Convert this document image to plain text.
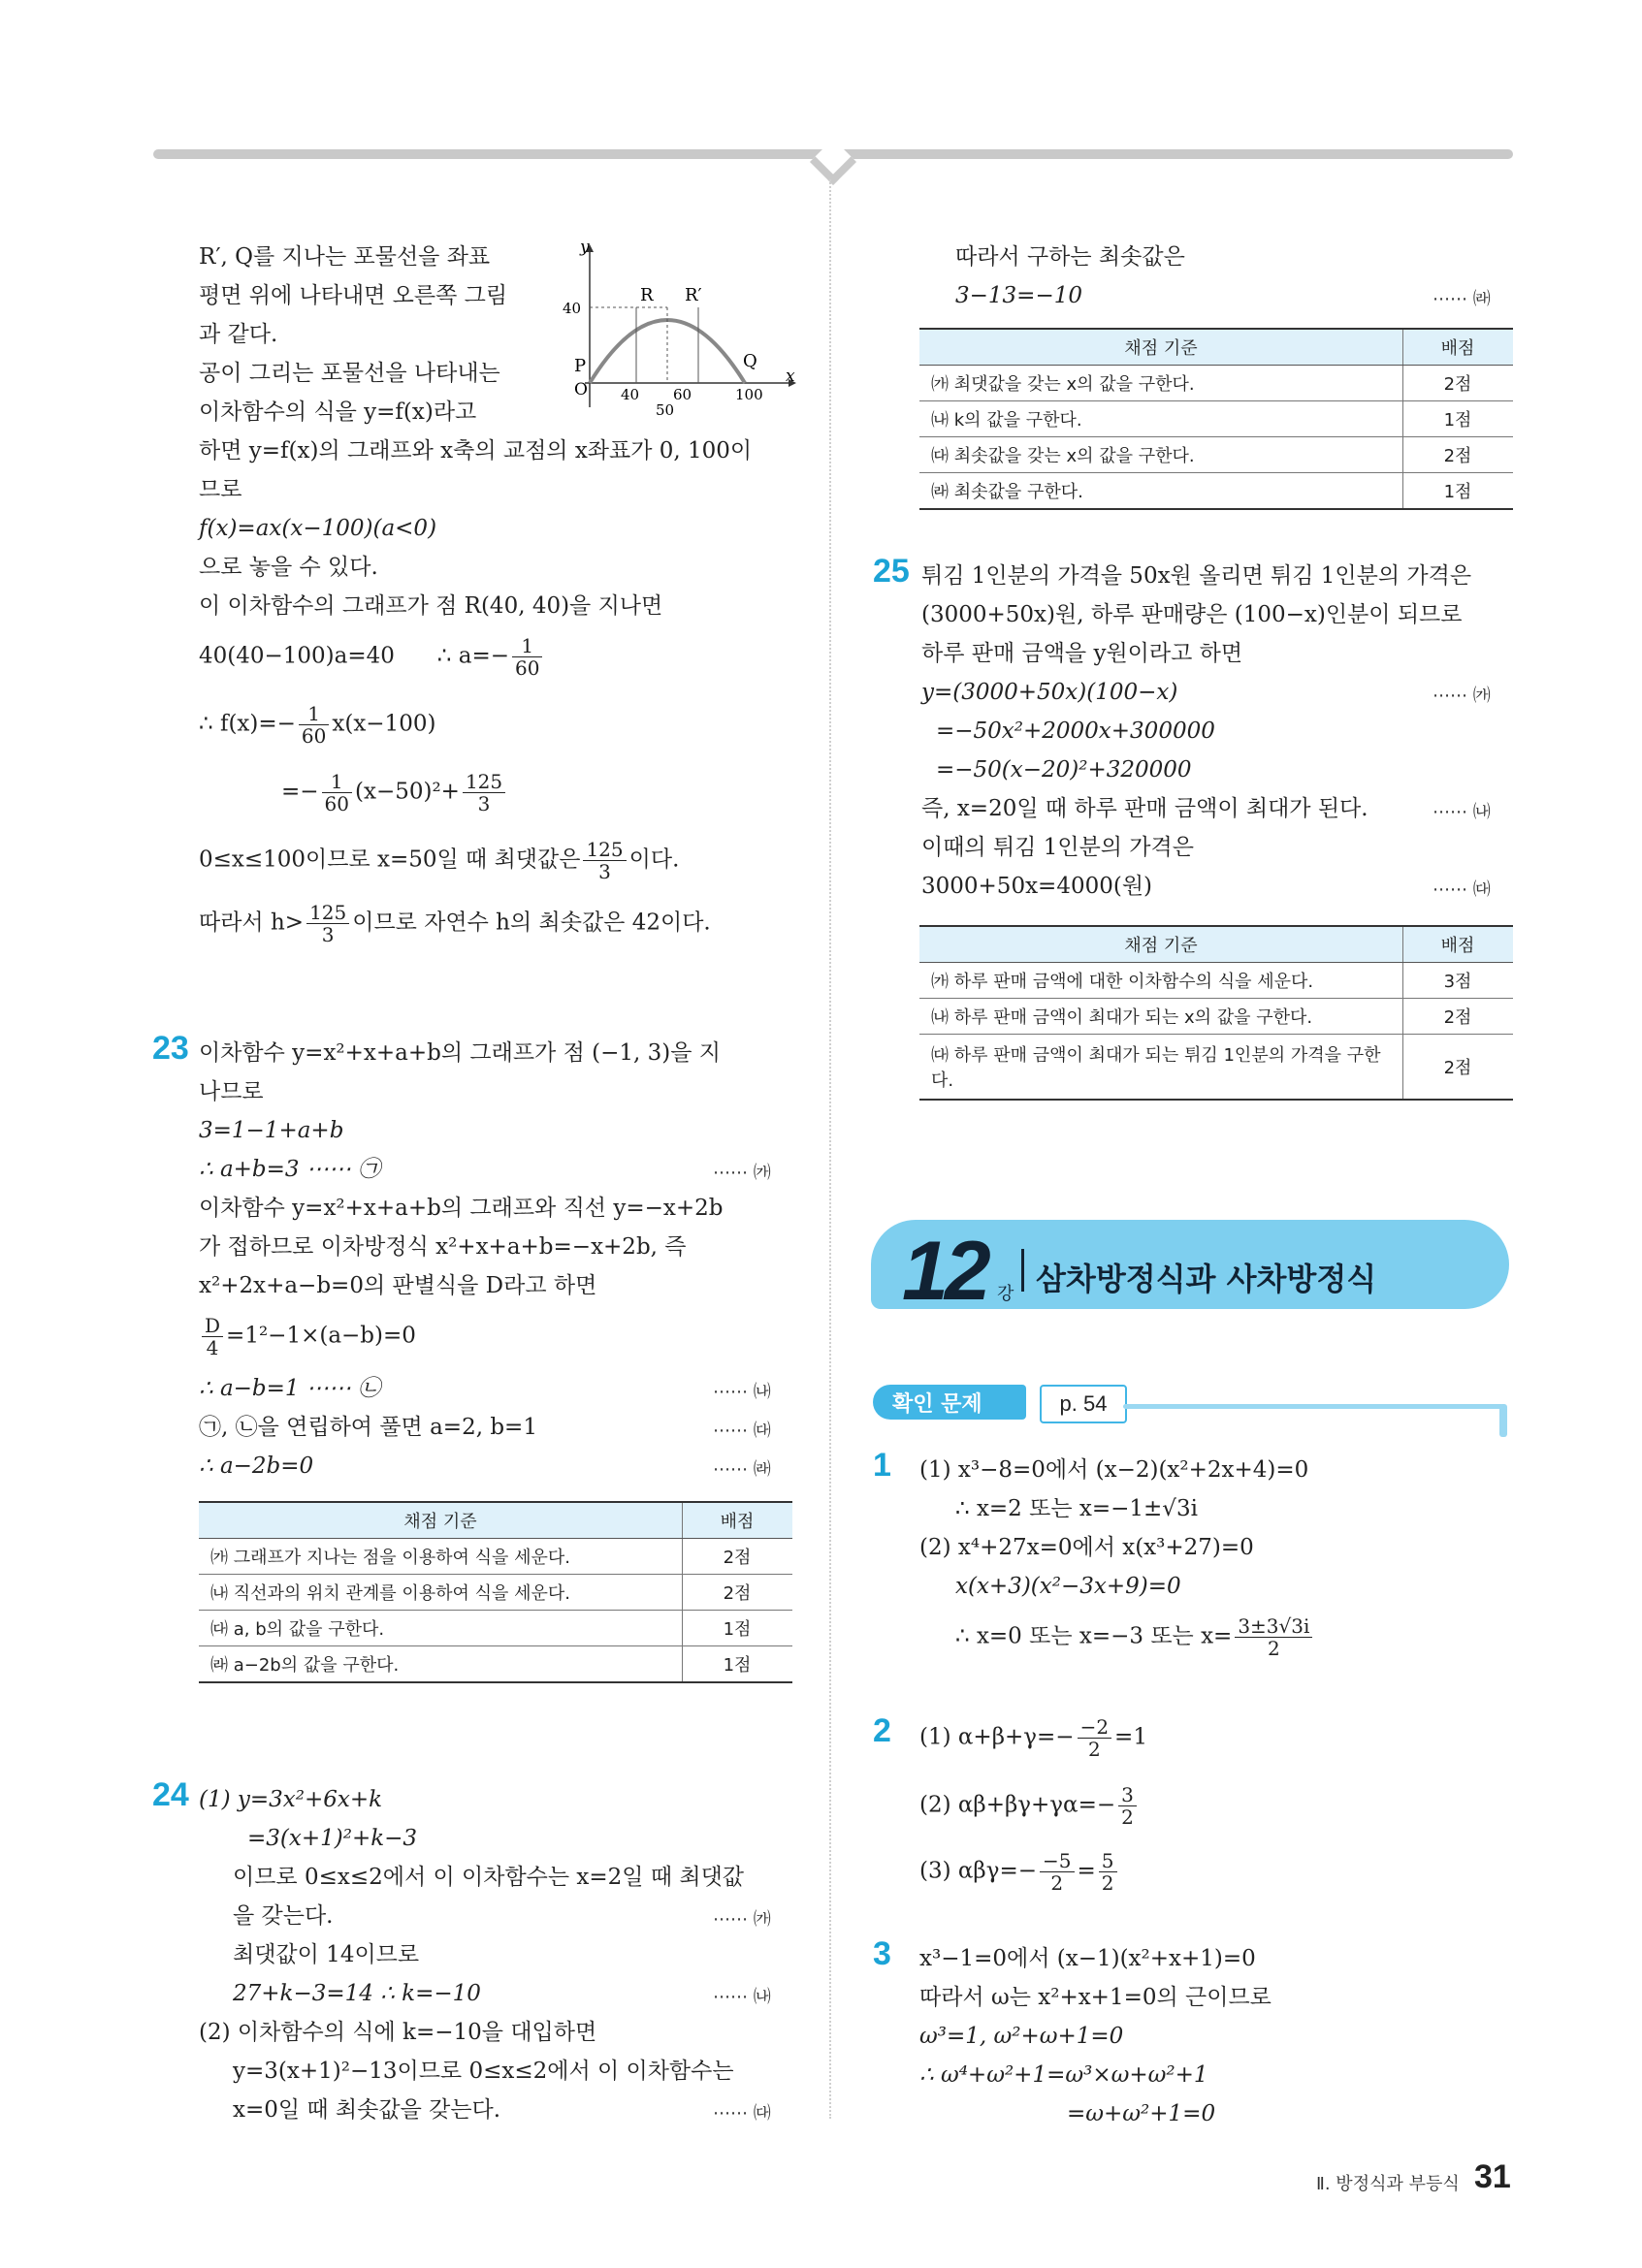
R′, Q를 지나는 포물선을 좌표
평면 위에 나타내면 오른쪽 그림
과 같다.
공이 그리는 포물선을 나타내는
이차함수의 식을 y=f(x)라고
하면 y=f(x)의 그래프와 x축의 교점의 x좌표가 0, 100이
므로
f(x)=ax(x−100)(a<0)
으로 놓을 수 있다.
이 이차함수의 그래프가 점 R(40, 40)을 지나면
40(40−100)a=40 ∴ $a=- \frac{1}{60}$
∴ $f(x)=- \frac{1}{60} x(x-100)$
=− $\frac{1}{60} (x-50)^2+ \frac{125}{3}$
0≤x≤100이므로 x=50일 때 최댓값은 $\frac{125}{3}$ 이다.
따라서 $h> \frac{125}{3}$ 이므로 자연수 h의 최솟값은 42이다.
y
x
O
P	Q
R R′
40
40 60
50
100
23 이차함수 y=x²+x+a+b의 그래프가 점 (−1, 3)을 지
나므로
3=1−1+a+b
∴ a+b=3 ⋯⋯ ㉠
이차함수 y=x²+x+a+b의 그래프와 직선 y=−x+2b
가 접하므로 이차방정식 x²+x+a+b=−x+2b, 즉
x²+2x+a−b=0의 판별식을 D라고 하면
$\frac{D}{4} =1^2-1\times(a-b)=0$
∴ a−b=1 ⋯⋯ ㉡
㉠, ㉡을 연립하여 풀면 a=2, b=1
∴ a−2b=0
⋯⋯ ㈎
⋯⋯ ㈏
⋯⋯ ㈐
⋯⋯ ㈑
채점 기준	배점
㈎ 그래프가 지나는 점을 이용하여 식을 세운다.	2점
㈏ 직선과의 위치 관계를 이용하여 식을 세운다.	2점
㈐ a, b의 값을 구한다.	1점
㈑ a−2b의 값을 구한다.	1점
24 (1) y=3x²+6x+k
=3(x+1)²+k−3
이므로 0≤x≤2에서 이 이차함수는 x=2일 때 최댓값
을 갖는다.
최댓값이 14이므로
27+k−3=14 ∴ k=−10
(2) 이차함수의 식에 k=−10을 대입하면
y=3(x+1)²−13이므로 0≤x≤2에서 이 이차함수는
x=0일 때 최솟값을 갖는다.
⋯⋯ ㈎
⋯⋯ ㈏
⋯⋯ ㈐
따라서 구하는 최솟값은
3−13=−10	⋯⋯ ㈑
채점 기준	배점
㈎ 최댓값을 갖는 x의 값을 구한다.	2점
㈏ k의 값을 구한다.	1점
㈐ 최솟값을 갖는 x의 값을 구한다.	2점
㈑ 최솟값을 구한다.	1점
25 튀김 1인분의 가격을 50x원 올리면 튀김 1인분의 가격은
(3000+50x)원, 하루 판매량은 (100−x)인분이 되므로
하루 판매 금액을 y원이라고 하면
y=(3000+50x)(100−x)
=−50x²+2000x+300000
=−50(x−20)²+320000
즉, x=20일 때 하루 판매 금액이 최대가 된다.
이때의 튀김 1인분의 가격은
3000+50x=4000(원)
⋯⋯ ㈎
⋯⋯ ㈏
⋯⋯ ㈐
채점 기준	배점
㈎ 하루 판매 금액에 대한 이차함수의 식을 세운다.	3점
㈏ 하루 판매 금액이 최대가 되는 x의 값을 구한다.	2점
㈐ 하루 판매 금액이 최대가 되는 튀김 1인분의 가격을 구한
다.	2점
12 강 삼차방정식과 사차방정식
확인 문제	p. 54
1 (1) x³−8=0에서 (x−2)(x²+2x+4)=0
∴ x=2 또는 x=−1±√3i
(2) x⁴+27x=0에서 x(x³+27)=0
x(x+3)(x²−3x+9)=0
∴ x=0 또는 x=−3 또는 $x= \frac{3\pm 3√3i}{2}$
2 (1) $\alpha+\beta+\gamma=- \frac{-2}{2} =1$
(2) $\alpha\beta+\beta\gamma+\gamma\alpha=- \frac{3}{2}$
(3) $\alpha\beta\gamma=- \frac{-5}{2} = \frac{5}{2}$
3 x³−1=0에서 (x−1)(x²+x+1)=0
따라서 ω는 x²+x+1=0의 근이므로
ω³=1, ω²+ω+1=0
∴ ω⁴+ω²+1=ω³×ω+ω²+1
=ω+ω²+1=0
Ⅱ. 방정식과 부등식 31
